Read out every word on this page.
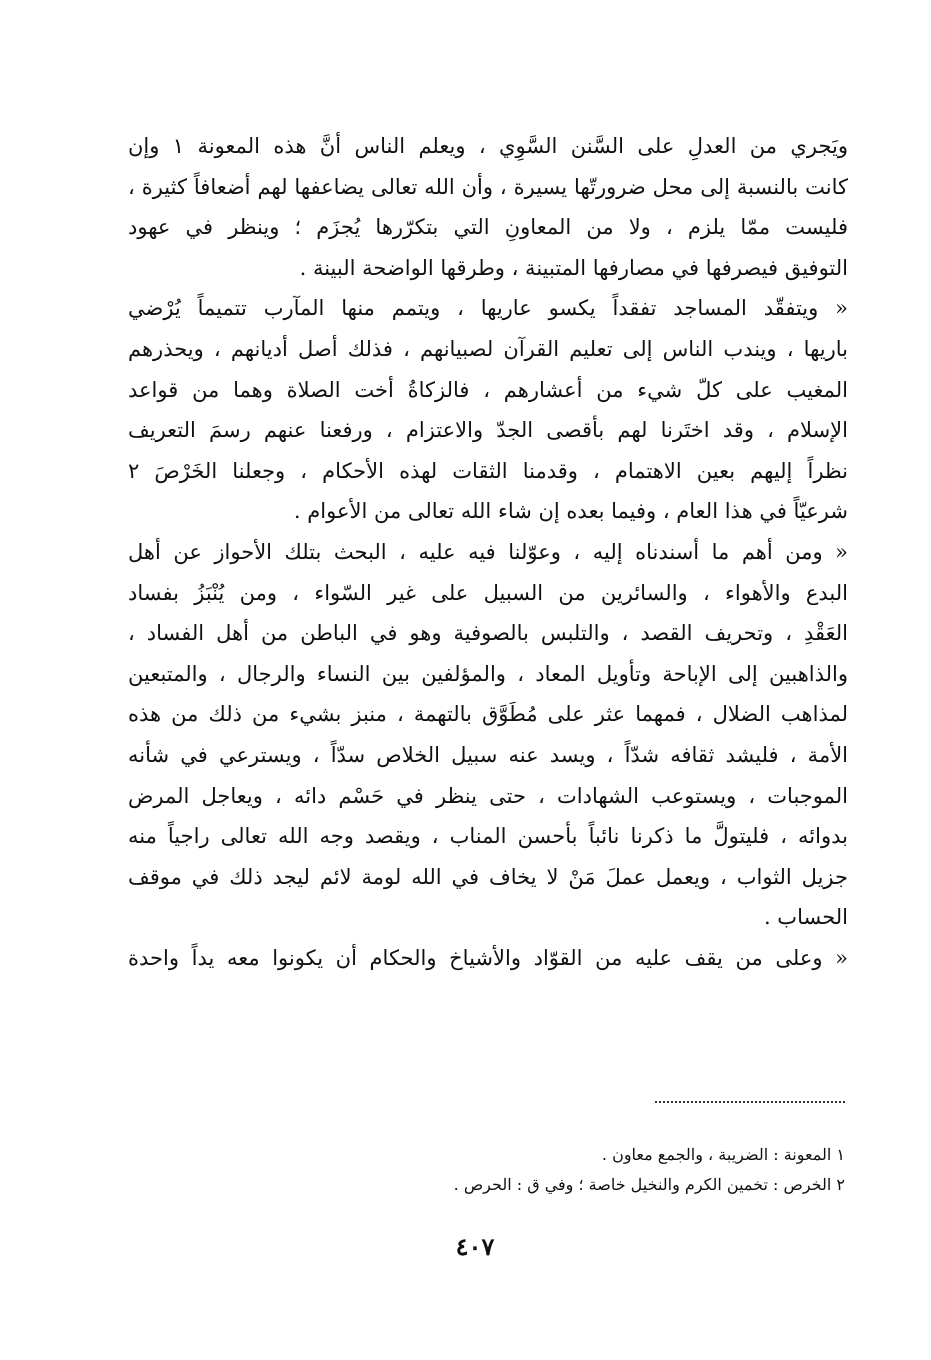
ويَجري من العدلِ على السَّنن السَّوِي ، ويعلم الناس أنَّ هذه المعونة ١ وإن
كانت بالنسبة إلى محل ضرورتّها يسيرة ، وأن الله تعالى يضاعفها لهم أضعافاً كثيرة ،
فليست ممّا يلزم ، ولا من المعاونِ التي بتكرّرها يُجزَم ؛ وينظر في عهود
التوفيق فيصرفها في مصارفها المتبينة ، وطرقها الواضحة البينة .
« ويتفقّد المساجد تفقداً يكسو عاريها ، ويتمم منها المآرب تتميماً يُرْضي
باريها ، ويندب الناس إلى تعليم القرآن لصبيانهم ، فذلك أصل أديانهم ، ويحذرهم
المغيب على كلّ شيء من أعشارهم ، فالزكاةُ أخت الصلاة وهما من قواعد
الإسلام ، وقد اختَرنا لهم بأقصى الجدّ والاعتزام ، ورفعنا عنهم رسمَ التعريف
نظراً إليهم بعين الاهتمام ، وقدمنا الثقات لهذه الأحكام ، وجعلنا الخَرْصَ ٢
شرعيّاً في هذا العام ، وفيما بعده إن شاء الله تعالى من الأعوام .
« ومن أهم ما أسندناه إليه ، وعوّلنا فيه عليه ، البحث بتلك الأحواز عن أهل
البدع والأهواء ، والسائرين من السبيل على غير السّواء ، ومن يُنْبَزُ بفساد
العَقْدِ ، وتحريف القصد ، والتلبس بالصوفية وهو في الباطن من أهل الفساد ،
والذاهبين إلى الإباحة وتأويل المعاد ، والمؤلفين بين النساء والرجال ، والمتبعين
لمذاهب الضلال ، فمهما عثر على مُطَوَّق بالتهمة ، منبز بشيء من ذلك من هذه
الأمة ، فليشد ثقافه شدّاً ، ويسد عنه سبيل الخلاص سدّاً ، ويسترعي في شأنه
الموجبات ، ويستوعب الشهادات ، حتى ينظر في حَسْم دائه ، ويعاجل المرض
بدوائه ، فليتولَّ ما ذكرنا نائباً بأحسن المناب ، ويقصد وجه الله تعالى راجياً منه
جزيل الثواب ، ويعمل عملَ مَنْ لا يخاف في الله لومة لائم ليجد ذلك في موقف
الحساب .
« وعلى من يقف عليه من القوّاد والأشياخ والحكام أن يكونوا معه يداً واحدة
١ المعونة : الضريبة ، والجمع معاون .
٢ الخرص : تخمين الكرم والنخيل خاصة ؛ وفي ق : الحرص .
٤٠٧
